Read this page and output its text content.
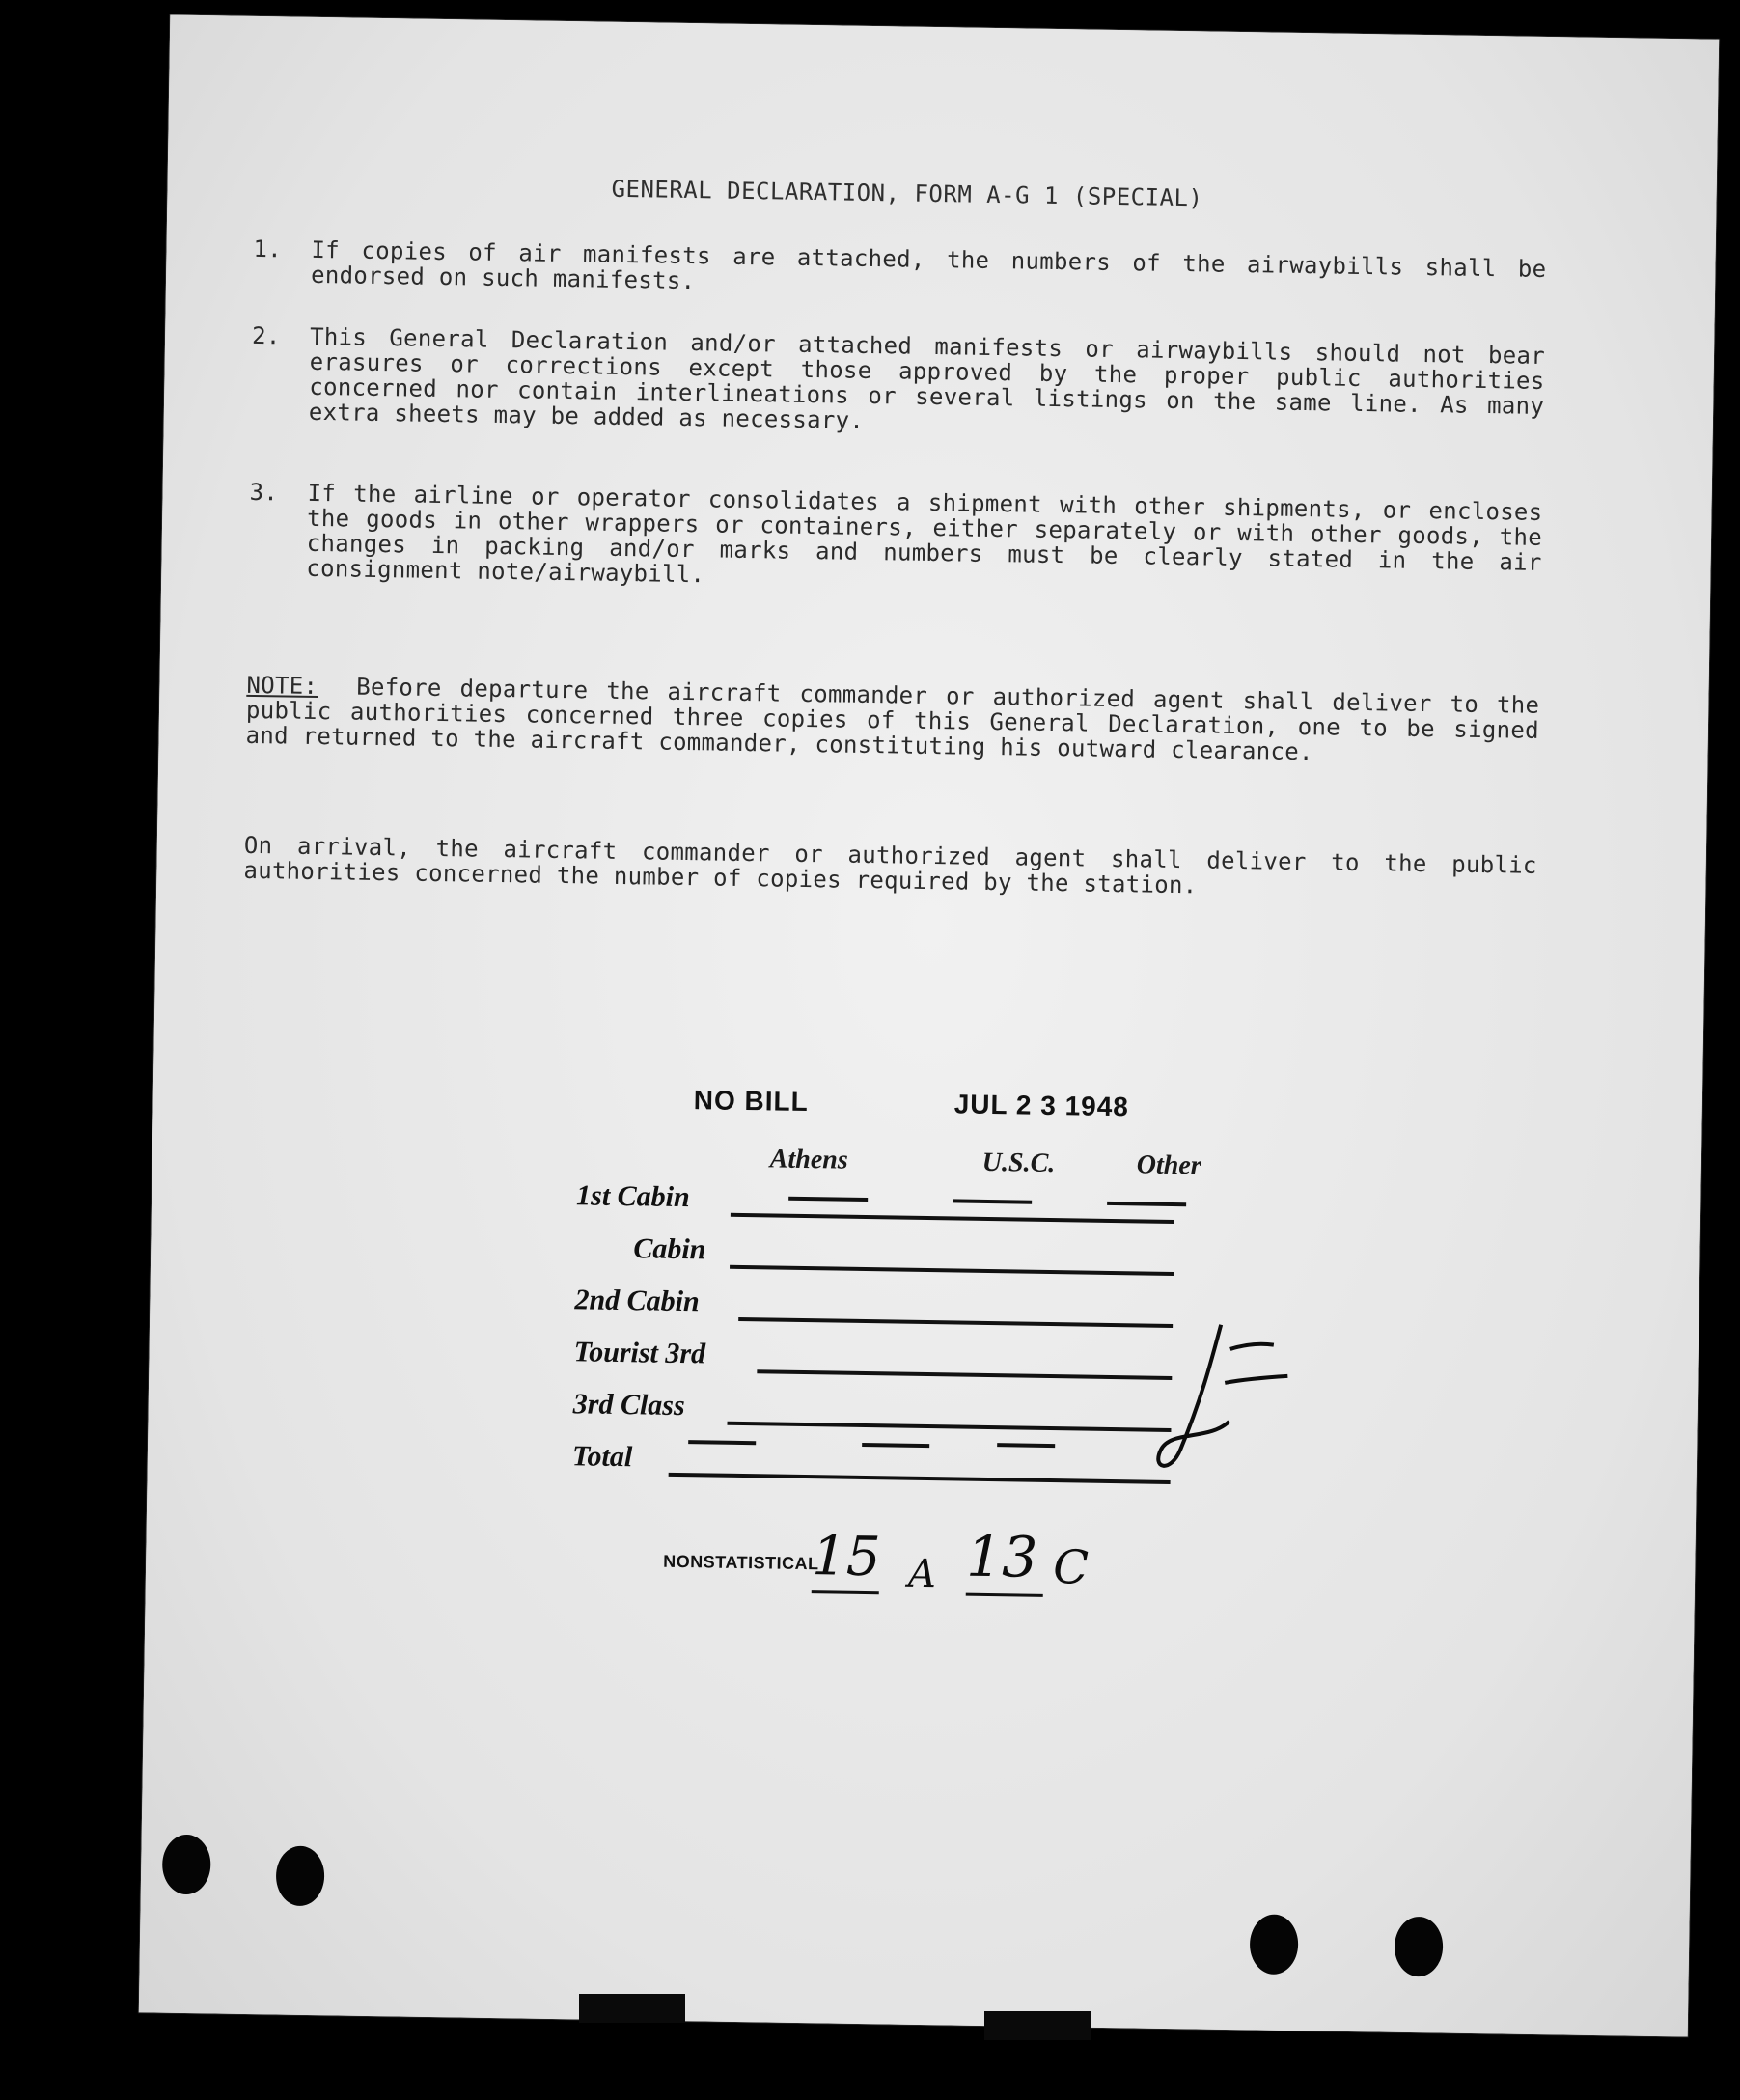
GENERAL DECLARATION, FORM A-G 1 (SPECIAL)
1.	If copies of air manifests are attached, the numbers of the airwaybills shall be endorsed on such manifests.
2.	This General Declaration and/or attached manifests or airwaybills should not bear erasures or corrections except those approved by the proper public authorities concerned nor contain interlineations or several listings on the same line. As many extra sheets may be added as necessary.
3.	If the airline or operator consolidates a shipment with other shipments, or encloses the goods in other wrappers or containers, either separately or with other goods, the changes in packing and/or marks and numbers must be clearly stated in the air consignment note/airwaybill.
NOTE: Before departure the aircraft commander or authorized agent shall deliver to the public authorities concerned three copies of this General Declaration, one to be signed and returned to the aircraft commander, constituting his outward clearance.
On arrival, the aircraft commander or authorized agent shall deliver to the public authorities concerned the number of copies required by the station.
NO BILL	JUL 2 3 1948
Athens	U.S.C.	Other
1st Cabin
Cabin
2nd Cabin
Tourist 3rd
3rd Class
Total
NONSTATISTICAL
15 A 13 C
